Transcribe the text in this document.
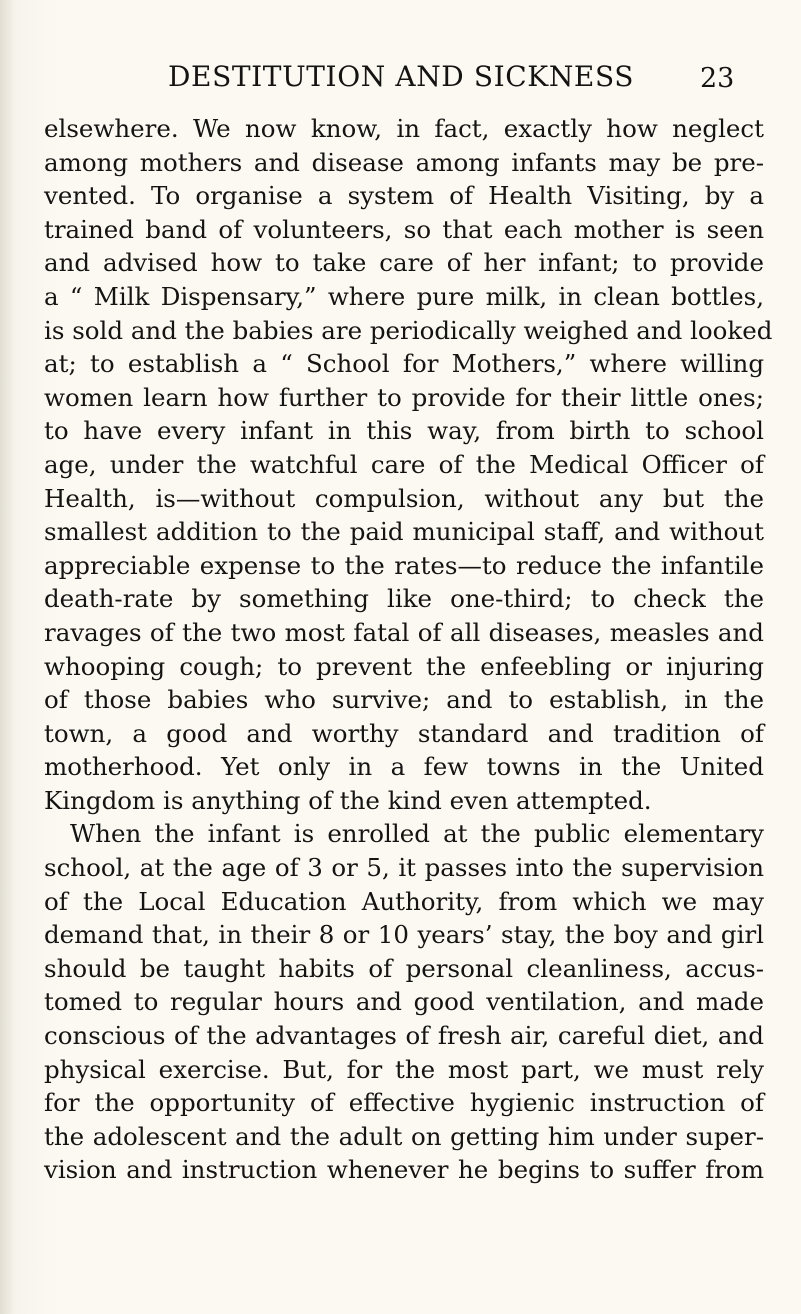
DESTITUTION AND SICKNESS 23
elsewhere. We now know, in fact, exactly how neglect
among mothers and disease among infants may be pre-
vented. To organise a system of Health Visiting, by a
trained band of volunteers, so that each mother is seen
and advised how to take care of her infant; to provide
a “ Milk Dispensary,” where pure milk, in clean bottles,
is sold and the babies are periodically weighed and looked
at; to establish a “ School for Mothers,” where willing
women learn how further to provide for their little ones;
to have every infant in this way, from birth to school
age, under the watchful care of the Medical Officer of
Health, is—without compulsion, without any but the
smallest addition to the paid municipal staff, and without
appreciable expense to the rates—to reduce the infantile
death-rate by something like one-third; to check the
ravages of the two most fatal of all diseases, measles and
whooping cough; to prevent the enfeebling or injuring
of those babies who survive; and to establish, in the
town, a good and worthy standard and tradition of
motherhood. Yet only in a few towns in the United
Kingdom is anything of the kind even attempted.
When the infant is enrolled at the public elementary
school, at the age of 3 or 5, it passes into the supervision
of the Local Education Authority, from which we may
demand that, in their 8 or 10 years’ stay, the boy and girl
should be taught habits of personal cleanliness, accus-
tomed to regular hours and good ventilation, and made
conscious of the advantages of fresh air, careful diet, and
physical exercise. But, for the most part, we must rely
for the opportunity of effective hygienic instruction of
the adolescent and the adult on getting him under super-
vision and instruction whenever he begins to suffer from
